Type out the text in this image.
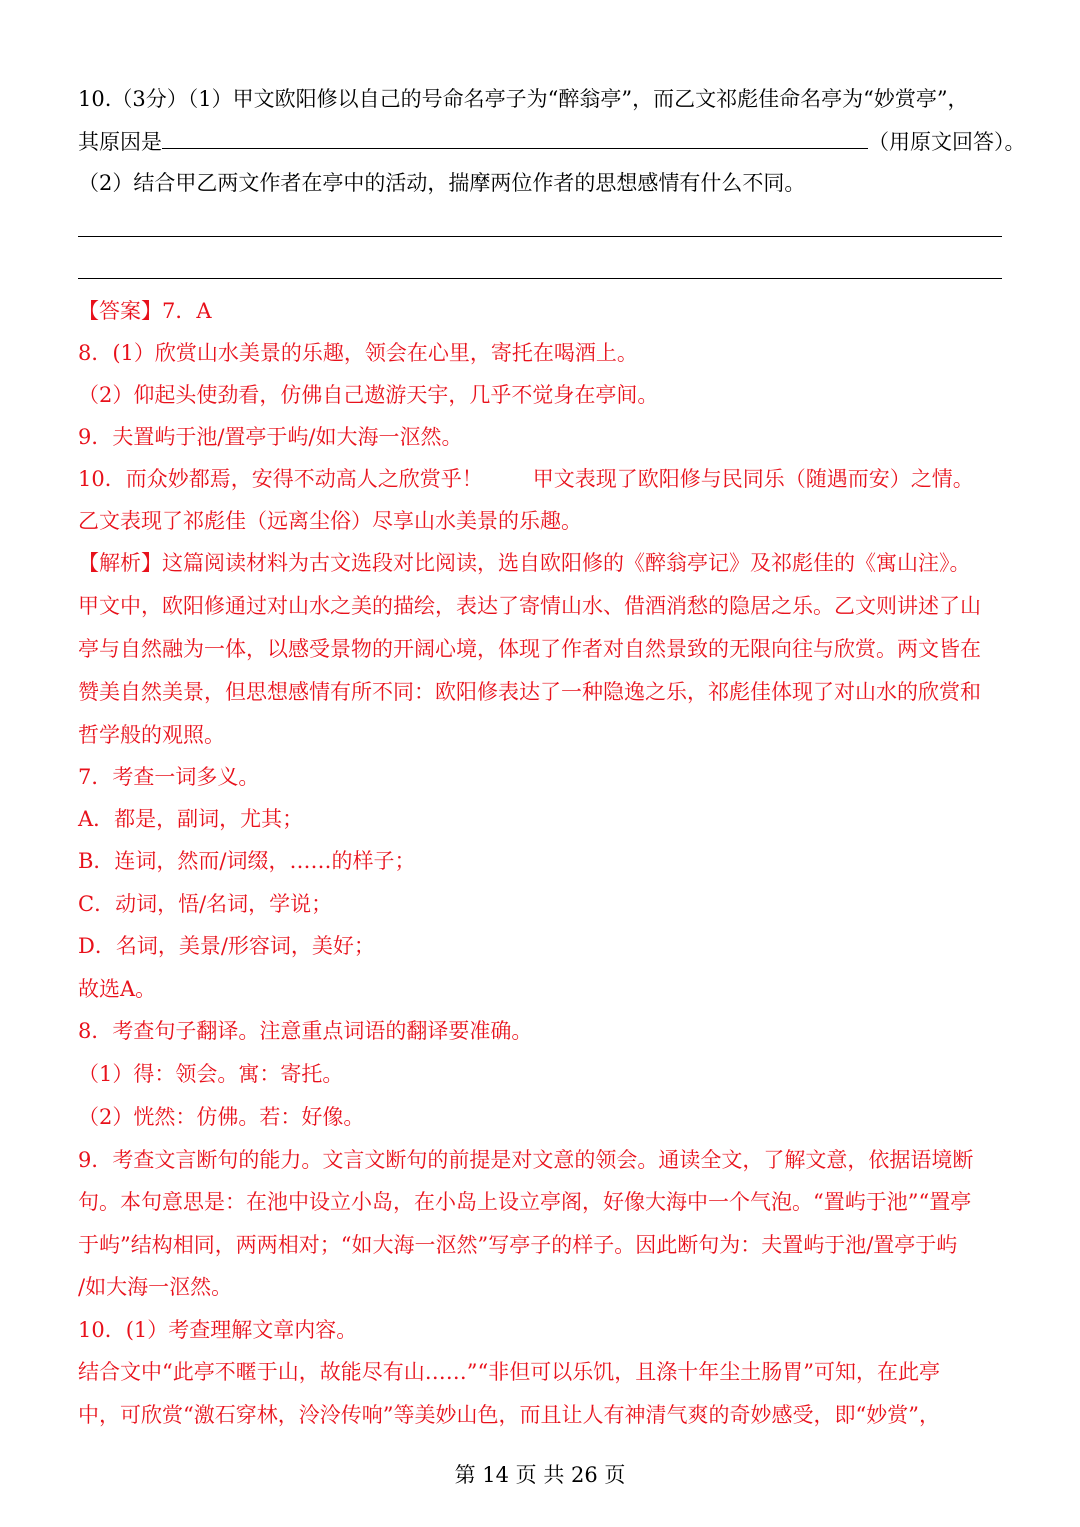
10.（3分）（1）甲文欧阳修以自己的号命名亭子为“醉翁亭”，而乙文祁彪佳命名亭为“妙赏亭”，
其原因是	（用原文回答）。
（2）结合甲乙两文作者在亭中的活动，揣摩两位作者的思想感情有什么不同。
【答案】7．A
8．(1）欣赏山水美景的乐趣，领会在心里，寄托在喝酒上。
（2）仰起头使劲看，仿佛自己遨游天宇，几乎不觉身在亭间。
9．夫置屿于池/置亭于屿/如大海一沤然。
10．而众妙都焉，安得不动高人之欣赏乎！ 甲文表现了欧阳修与民同乐（随遇而安）之情。
乙文表现了祁彪佳（远离尘俗）尽享山水美景的乐趣。
【解析】这篇阅读材料为古文选段对比阅读，选自欧阳修的《醉翁亭记》及祁彪佳的《寓山注》。
甲文中，欧阳修通过对山水之美的描绘，表达了寄情山水、借酒消愁的隐居之乐。乙文则讲述了山
亭与自然融为一体，以感受景物的开阔心境，体现了作者对自然景致的无限向往与欣赏。两文皆在
赞美自然美景，但思想感情有所不同：欧阳修表达了一种隐逸之乐，祁彪佳体现了对山水的欣赏和
哲学般的观照。
7．考查一词多义。
A．都是，副词，尤其；
B．连词，然而/词缀，……的样子；
C．动词，悟/名词，学说；
D．名词，美景/形容词，美好；
故选A。
8．考查句子翻译。注意重点词语的翻译要准确。
（1）得：领会。寓：寄托。
（2）恍然：仿佛。若：好像。
9．考查文言断句的能力。文言文断句的前提是对文意的领会。通读全文，了解文意，依据语境断
句。本句意思是：在池中设立小岛，在小岛上设立亭阁，好像大海中一个气泡。“置屿于池”“置亭
于屿”结构相同，两两相对；“如大海一沤然”写亭子的样子。因此断句为：夫置屿于池/置亭于屿
/如大海一沤然。
10．(1）考查理解文章内容。
结合文中“此亭不暱于山，故能尽有山……”“非但可以乐饥，且涤十年尘土肠胃”可知，在此亭
中，可欣赏“激石穿林，泠泠传响”等美妙山色，而且让人有神清气爽的奇妙感受，即“妙赏”，
第 14 页 共 26 页
